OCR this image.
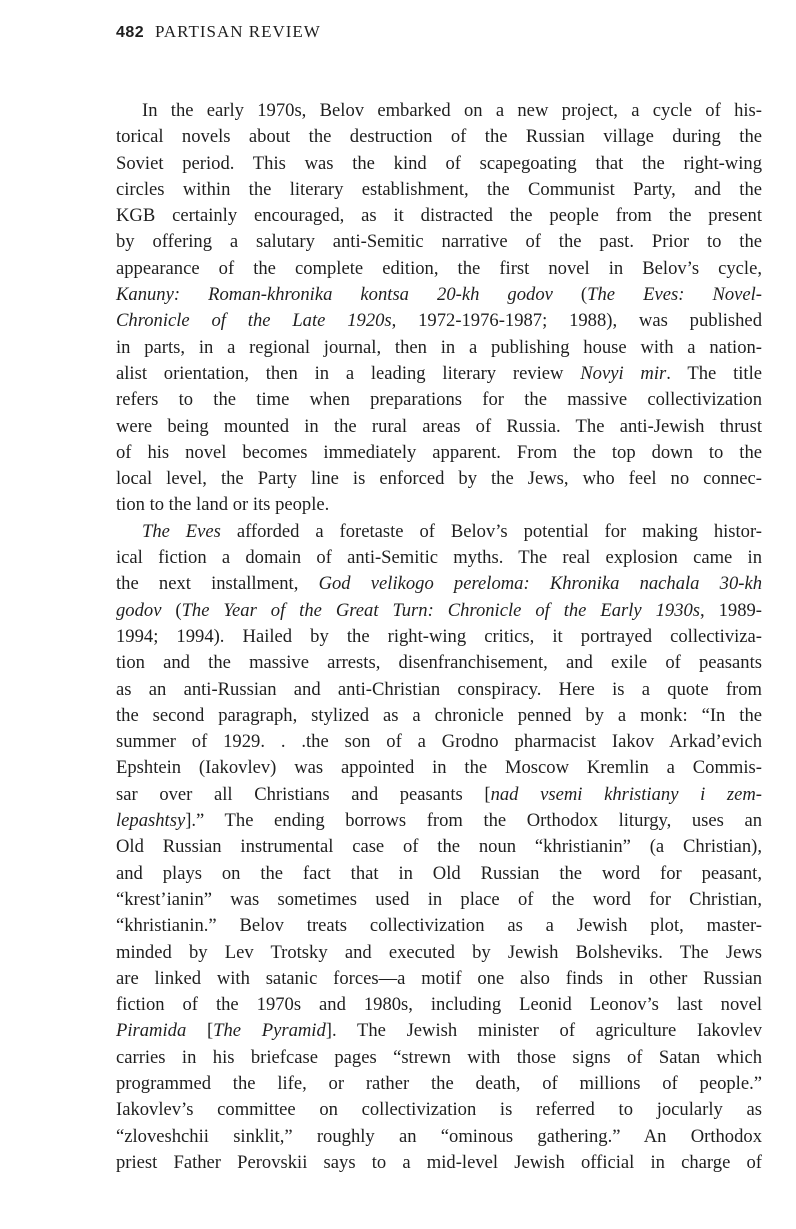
482 PARTISAN REVIEW
In the early 1970s, Belov embarked on a new project, a cycle of his-
torical novels about the destruction of the Russian village during the
Soviet period. This was the kind of scapegoating that the right-wing
circles within the literary establishment, the Communist Party, and the
KGB certainly encouraged, as it distracted the people from the present
by offering a salutary anti-Semitic narrative of the past. Prior to the
appearance of the complete edition, the first novel in Belov’s cycle,
Kanuny: Roman-khronika kontsa 20-kh godov (The Eves: Novel-
Chronicle of the Late 1920s, 1972-1976-1987; 1988), was published
in parts, in a regional journal, then in a publishing house with a nation-
alist orientation, then in a leading literary review Novyi mir. The title
refers to the time when preparations for the massive collectivization
were being mounted in the rural areas of Russia. The anti-Jewish thrust
of his novel becomes immediately apparent. From the top down to the
local level, the Party line is enforced by the Jews, who feel no connec-
tion to the land or its people.
The Eves afforded a foretaste of Belov’s potential for making histor-
ical fiction a domain of anti-Semitic myths. The real explosion came in
the next installment, God velikogo pereloma: Khronika nachala 30-kh
godov (The Year of the Great Turn: Chronicle of the Early 1930s, 1989-
1994; 1994). Hailed by the right-wing critics, it portrayed collectiviza-
tion and the massive arrests, disenfranchisement, and exile of peasants
as an anti-Russian and anti-Christian conspiracy. Here is a quote from
the second paragraph, stylized as a chronicle penned by a monk: “In the
summer of 1929. . .the son of a Grodno pharmacist Iakov Arkad’evich
Epshtein (Iakovlev) was appointed in the Moscow Kremlin a Commis-
sar over all Christians and peasants [nad vsemi khristiany i zem-
lepashtsy].” The ending borrows from the Orthodox liturgy, uses an
Old Russian instrumental case of the noun “khristianin” (a Christian),
and plays on the fact that in Old Russian the word for peasant,
“krest’ianin” was sometimes used in place of the word for Christian,
“khristianin.” Belov treats collectivization as a Jewish plot, master-
minded by Lev Trotsky and executed by Jewish Bolsheviks. The Jews
are linked with satanic forces—a motif one also finds in other Russian
fiction of the 1970s and 1980s, including Leonid Leonov’s last novel
Piramida [The Pyramid]. The Jewish minister of agriculture Iakovlev
carries in his briefcase pages “strewn with those signs of Satan which
programmed the life, or rather the death, of millions of people.”
Iakovlev’s committee on collectivization is referred to jocularly as
“zloveshchii sinklit,” roughly an “ominous gathering.” An Orthodox
priest Father Perovskii says to a mid-level Jewish official in charge of
